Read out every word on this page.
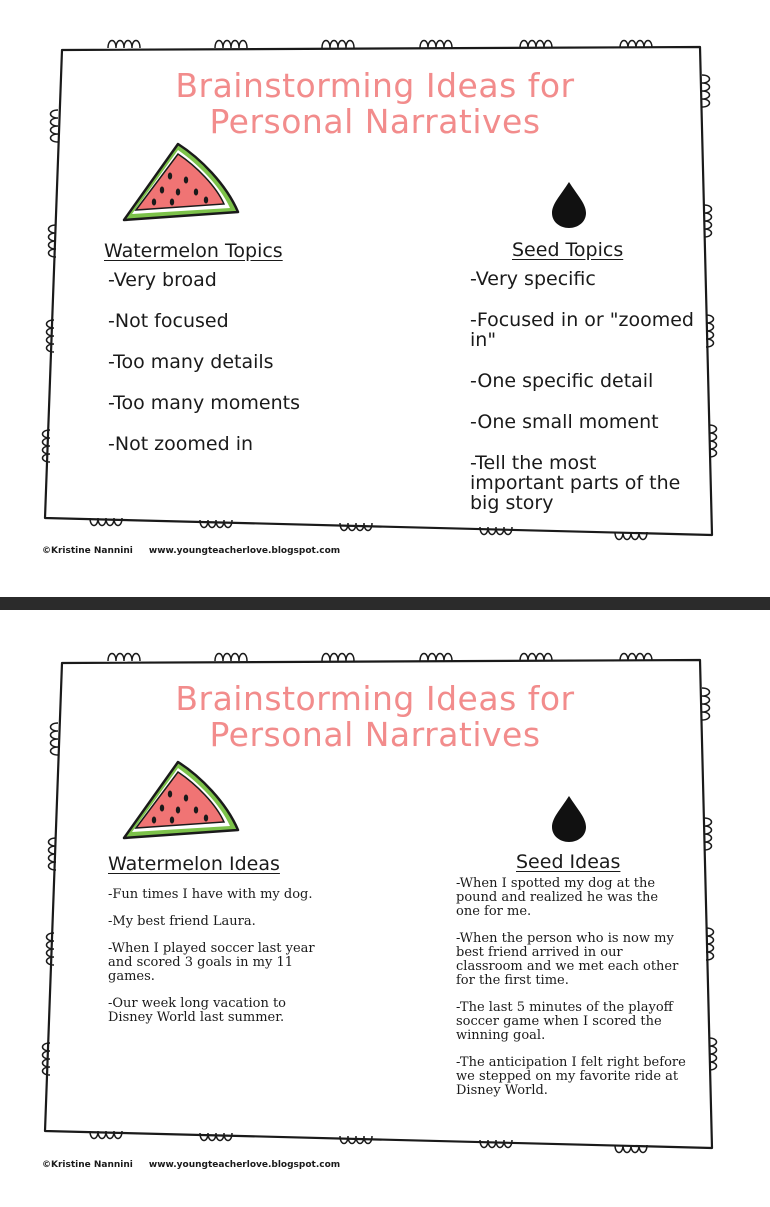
Brainstorming Ideas for
Personal Narratives
Watermelon Topics
-Very broad
-Not focused
-Too many details
-Too many moments
-Not zoomed in
Seed Topics
-Very specific
-Focused in or "zoomed in"
-One specific detail
-One small moment
-Tell the most important parts of the big story
©Kristine Nannini www.youngteacherlove.blogspot.com
Brainstorming Ideas for
Personal Narratives
Watermelon Ideas
-Fun times I have with my dog.
-My best friend Laura.
-When I played soccer last year and scored 3 goals in my 11 games.
-Our week long vacation to Disney World last summer.
Seed Ideas
-When I spotted my dog at the pound and realized he was the one for me.
-When the person who is now my best friend arrived in our classroom and we met each other for the first time.
-The last 5 minutes of the playoff soccer game when I scored the winning goal.
-The anticipation I felt right before we stepped on my favorite ride at Disney World.
©Kristine Nannini www.youngteacherlove.blogspot.com
